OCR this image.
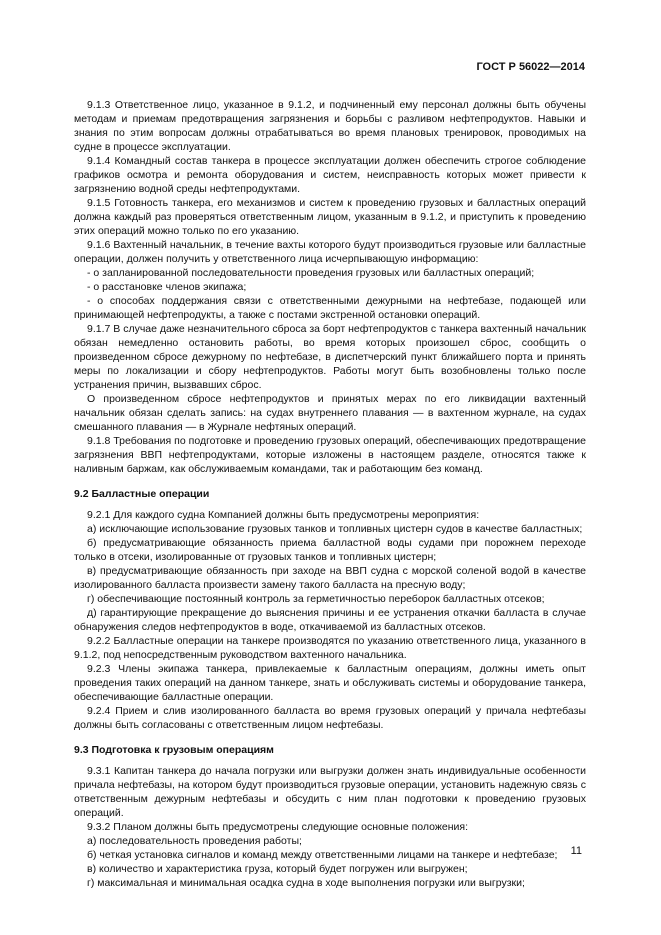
ГОСТ Р 56022—2014

9.1.3 Ответственное лицо, указанное в 9.1.2, и подчиненный ему персонал должны быть обучены методам и приемам предотвращения загрязнения и борьбы с разливом нефтепродуктов. Навыки и знания по этим вопросам должны отрабатываться во время плановых тренировок, проводимых на судне в процессе эксплуатации.

9.1.4 Командный состав танкера в процессе эксплуатации должен обеспечить строгое соблюдение графиков осмотра и ремонта оборудования и систем, неисправность которых может привести к загрязнению водной среды нефтепродуктами.

9.1.5 Готовность танкера, его механизмов и систем к проведению грузовых и балластных операций должна каждый раз проверяться ответственным лицом, указанным в 9.1.2, и приступить к проведению этих операций можно только по его указанию.

9.1.6 Вахтенный начальник, в течение вахты которого будут производиться грузовые или балластные операции, должен получить у ответственного лица исчерпывающую информацию:

- о запланированной последовательности проведения грузовых или балластных операций;

- о расстановке членов экипажа;

- о способах поддержания связи с ответственными дежурными на нефтебазе, подающей или принимающей нефтепродукты, а также с постами экстренной остановки операций.

9.1.7 В случае даже незначительного сброса за борт нефтепродуктов с танкера вахтенный начальник обязан немедленно остановить работы, во время которых произошел сброс, сообщить о произведенном сбросе дежурному по нефтебазе, в диспетчерский пункт ближайшего порта и принять меры по локализации и сбору нефтепродуктов. Работы могут быть возобновлены только после устранения причин, вызвавших сброс.

О произведенном сбросе нефтепродуктов и принятых мерах по его ликвидации вахтенный начальник обязан сделать запись: на судах внутреннего плавания — в вахтенном журнале, на судах смешанного плавания — в Журнале нефтяных операций.

9.1.8 Требования по подготовке и проведению грузовых операций, обеспечивающих предотвращение загрязнения ВВП нефтепродуктами, которые изложены в настоящем разделе, относятся также к наливным баржам, как обслуживаемым командами, так и работающим без команд.

9.2 Балластные операции

9.2.1 Для каждого судна Компанией должны быть предусмотрены мероприятия:

а) исключающие использование грузовых танков и топливных цистерн судов в качестве балластных;

б) предусматривающие обязанность приема балластной воды судами при порожнем переходе только в отсеки, изолированные от грузовых танков и топливных цистерн;

в) предусматривающие обязанность при заходе на ВВП судна с морской соленой водой в качестве изолированного балласта произвести замену такого балласта на пресную воду;

г) обеспечивающие постоянный контроль за герметичностью переборок балластных отсеков;

д) гарантирующие прекращение до выяснения причины и ее устранения откачки балласта в случае обнаружения следов нефтепродуктов в воде, откачиваемой из балластных отсеков.

9.2.2 Балластные операции на танкере производятся по указанию ответственного лица, указанного в 9.1.2, под непосредственным руководством вахтенного начальника.

9.2.3 Члены экипажа танкера, привлекаемые к балластным операциям, должны иметь опыт проведения таких операций на данном танкере, знать и обслуживать системы и оборудование танкера, обеспечивающие балластные операции.

9.2.4 Прием и слив изолированного балласта во время грузовых операций у причала нефтебазы должны быть согласованы с ответственным лицом нефтебазы.

9.3 Подготовка к грузовым операциям

9.3.1 Капитан танкера до начала погрузки или выгрузки должен знать индивидуальные особенности причала нефтебазы, на котором будут производиться грузовые операции, установить надежную связь с ответственным дежурным нефтебазы и обсудить с ним план подготовки к проведению грузовых операций.

9.3.2 Планом должны быть предусмотрены следующие основные положения:

а) последовательность проведения работы;

б) четкая установка сигналов и команд между ответственными лицами на танкере и нефтебазе;

в) количество и характеристика груза, который будет погружен или выгружен;

г) максимальная и минимальная осадка судна в ходе выполнения погрузки или выгрузки;

11
